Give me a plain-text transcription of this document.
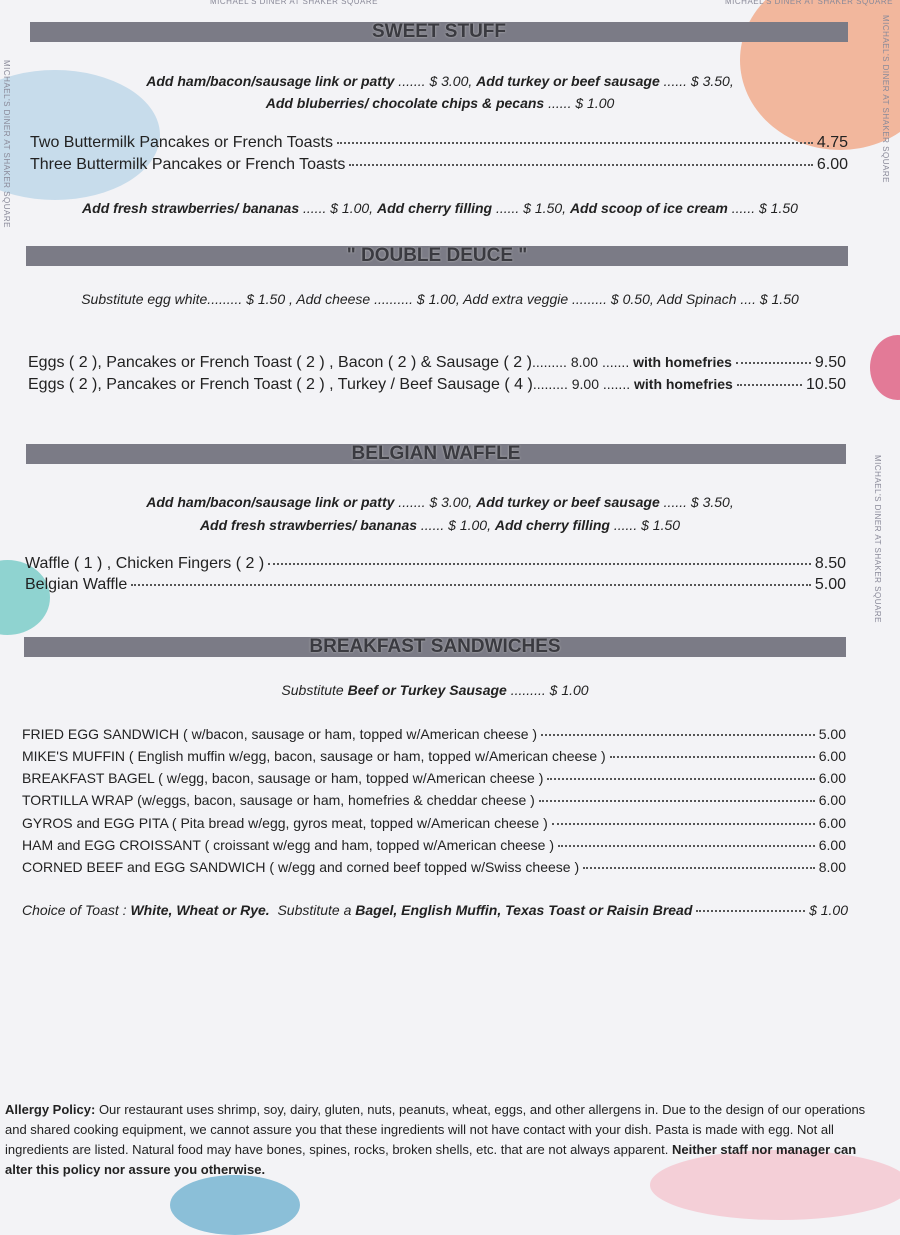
MICHAEL'S DINER AT SHAKER SQUARE	MICHAEL'S DINER AT SHAKER SQUARE
MICHAEL'S DINER AT SHAKER SQUARE	MICHAEL'S DINER AT SHAKER SQUARE
MICHAEL'S DINER AT SHAKER SQUARE
SWEET STUFF
Add ham/bacon/sausage link or patty ....... $ 3.00, Add turkey or beef sausage ...... $ 3.50,
Add bluberries/ chocolate chips & pecans ...... $ 1.00
Two Buttermilk Pancakes or French Toasts	4.75
Three Buttermilk Pancakes or French Toasts	6.00
Add fresh strawberries/ bananas ...... $ 1.00, Add cherry filling ...... $ 1.50, Add scoop of ice cream ...... $ 1.50
" DOUBLE DEUCE "
Substitute egg white......... $ 1.50 , Add cheese .......... $ 1.00, Add extra veggie ......... $ 0.50, Add Spinach .... $ 1.50
Eggs ( 2 ), Pancakes or French Toast ( 2 ) , Bacon ( 2 ) & Sausage ( 2 ) ......... 8.00 ....... with homefries	9.50
Eggs ( 2 ), Pancakes or French Toast ( 2 ) , Turkey / Beef Sausage ( 4 ) ......... 9.00 ....... with homefries	10.50
BELGIAN WAFFLE
Add ham/bacon/sausage link or patty ....... $ 3.00, Add turkey or beef sausage ...... $ 3.50,
Add fresh strawberries/ bananas ...... $ 1.00, Add cherry filling ...... $ 1.50
Waffle ( 1 ) , Chicken Fingers ( 2 )	8.50
Belgian Waffle	5.00
BREAKFAST SANDWICHES
Substitute Beef or Turkey Sausage ......... $ 1.00
FRIED EGG SANDWICH ( w/bacon, sausage or ham, topped w/American cheese )	5.00
MIKE'S MUFFIN ( English muffin w/egg, bacon, sausage or ham, topped w/American cheese )	6.00
BREAKFAST BAGEL ( w/egg, bacon, sausage or ham, topped w/American cheese )	6.00
TORTILLA WRAP (w/eggs, bacon, sausage or ham, homefries & cheddar cheese )	6.00
GYROS and EGG PITA ( Pita bread w/egg, gyros meat, topped w/American cheese )	6.00
HAM and EGG CROISSANT ( croissant w/egg and ham, topped w/American cheese )	6.00
CORNED BEEF and EGG SANDWICH ( w/egg and corned beef topped w/Swiss cheese )	8.00
Choice of Toast :
White, Wheat or Rye.
Substitute a
Bagel, English Muffin, Texas Toast or Raisin Bread	$ 1.00
Allergy Policy: Our restaurant uses shrimp, soy, dairy, gluten, nuts, peanuts, wheat, eggs, and other allergens in. Due to the design of our operations and shared cooking equipment, we cannot assure you that these ingredients will not have contact with your dish. Pasta is made with egg. Not all ingredients are listed. Natural food may have bones, spines, rocks, broken shells, etc. that are not always apparent. Neither staff nor manager can alter this policy nor assure you otherwise.
